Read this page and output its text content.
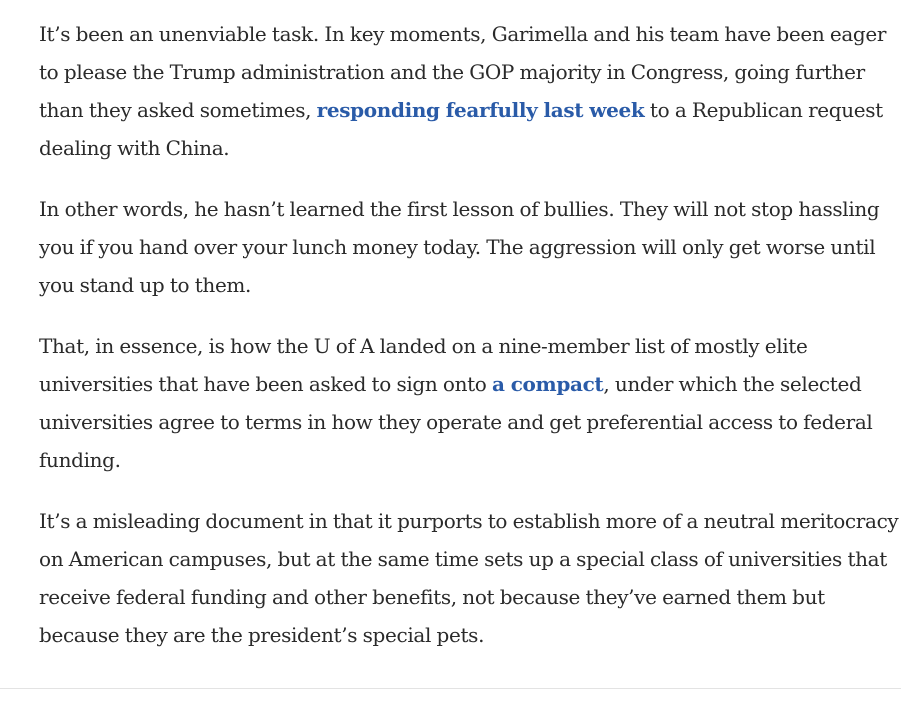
It’s been an unenviable task. In key moments, Garimella and his team have been eager to please the Trump administration and the GOP majority in Congress, going further than they asked sometimes, responding fearfully last week to a Republican request dealing with China.

In other words, he hasn’t learned the first lesson of bullies. They will not stop hassling you if you hand over your lunch money today. The aggression will only get worse until you stand up to them.

That, in essence, is how the U of A landed on a nine-member list of mostly elite universities that have been asked to sign onto a compact, under which the selected universities agree to terms in how they operate and get preferential access to federal funding.

It’s a misleading document in that it purports to establish more of a neutral meritocracy on American campuses, but at the same time sets up a special class of universities that receive federal funding and other benefits, not because they’ve earned them but because they are the president’s special pets.
